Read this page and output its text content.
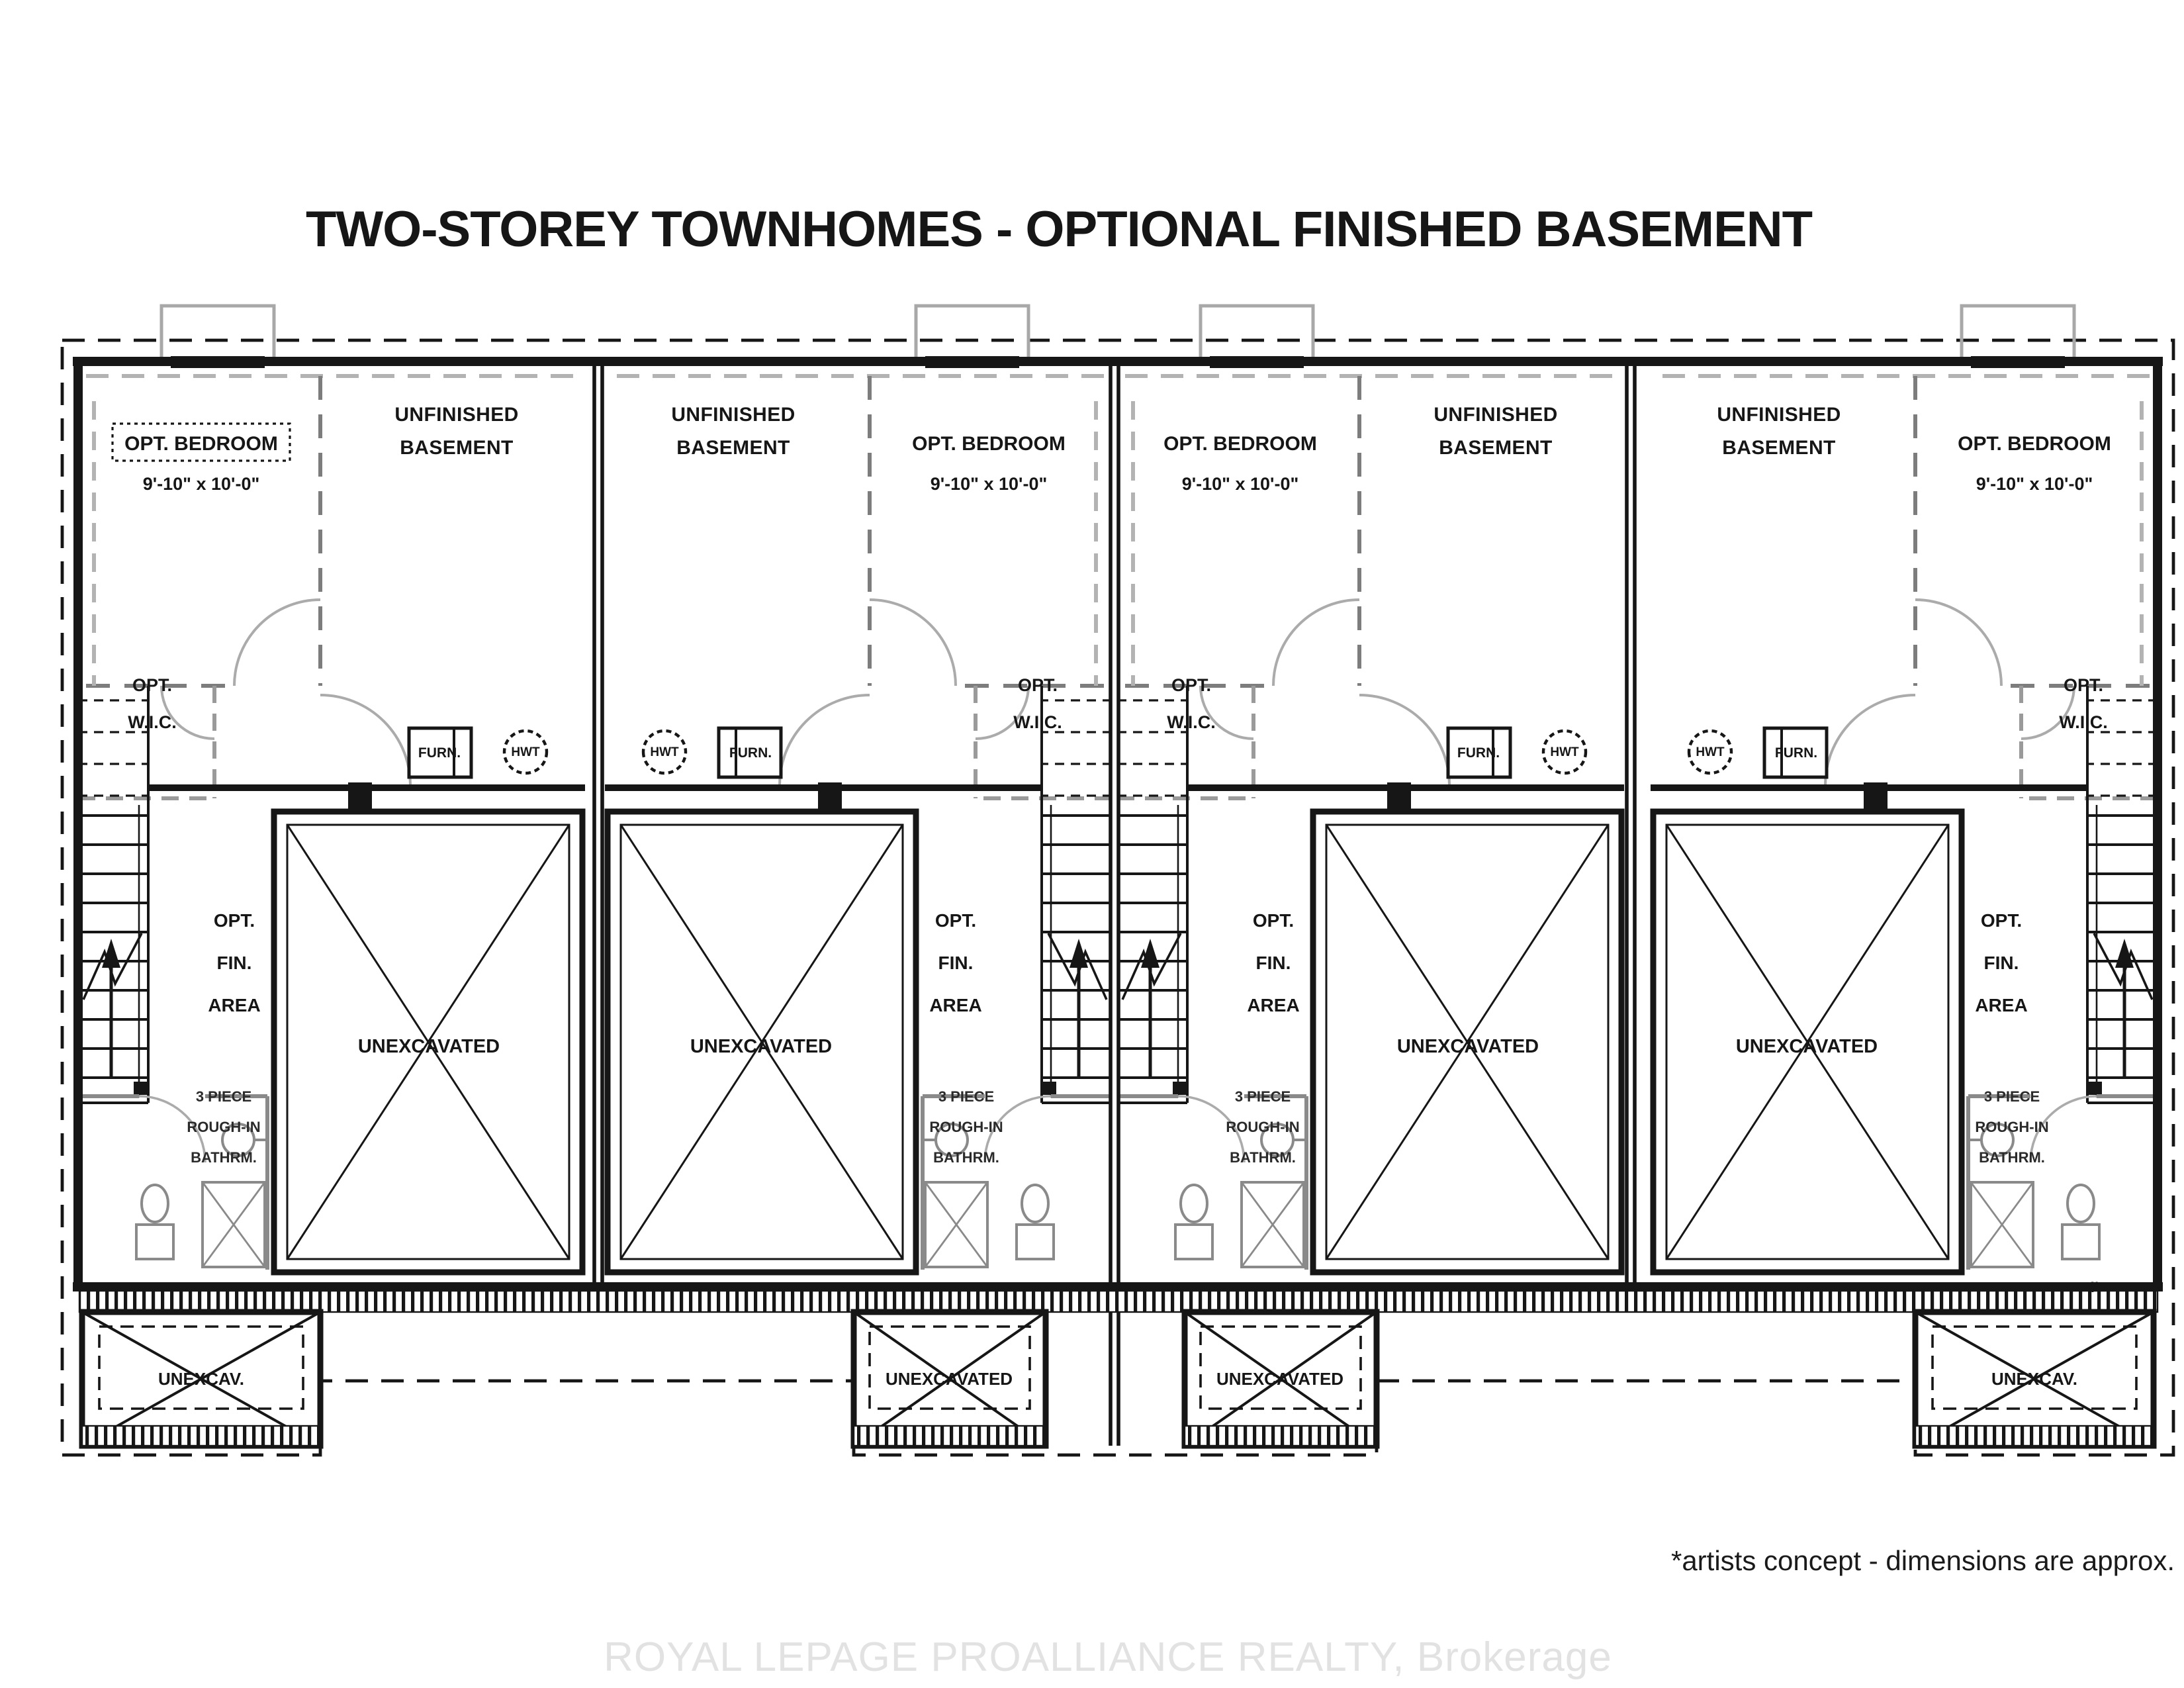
TWO-STOREY TOWNHOMES - OPTIONAL FINISHED BASEMENT
OPT. BEDROOM
9'-10" x 10'-0"
UNFINISHED
BASEMENT
FURN.	HWT
OPT.
W.I.C.
OPT.
FIN.
AREA
3 PIECE
ROUGH-IN
BATHRM.
UNEXCAVATED
UNEXCAV.
OPT. BEDROOM
9'-10" x 10'-0"
UNFINISHED
BASEMENT
FURN.
HWT
OPT.
W.I.C.
OPT.
FIN.
AREA
3 PIECE
ROUGH-IN
BATHRM.
UNEXCAVATED
UNEXCAVATED
OPT. BEDROOM
9'-10" x 10'-0"
UNFINISHED
BASEMENT
FURN.	HWT
OPT.
W.I.C.
OPT.
FIN.
AREA
3 PIECE
ROUGH-IN
BATHRM.
UNEXCAVATED
UNEXCAVATED
OPT. BEDROOM
9'-10" x 10'-0"
UNFINISHED
BASEMENT
FURN.
HWT
OPT.
W.I.C.
OPT.
FIN.
AREA
3 PIECE
ROUGH-IN
BATHRM.
UNEXCAVATED
UNEXCAV.
4'
*artists concept - dimensions are approx.
ROYAL LEPAGE PROALLIANCE REALTY, Brokerage
